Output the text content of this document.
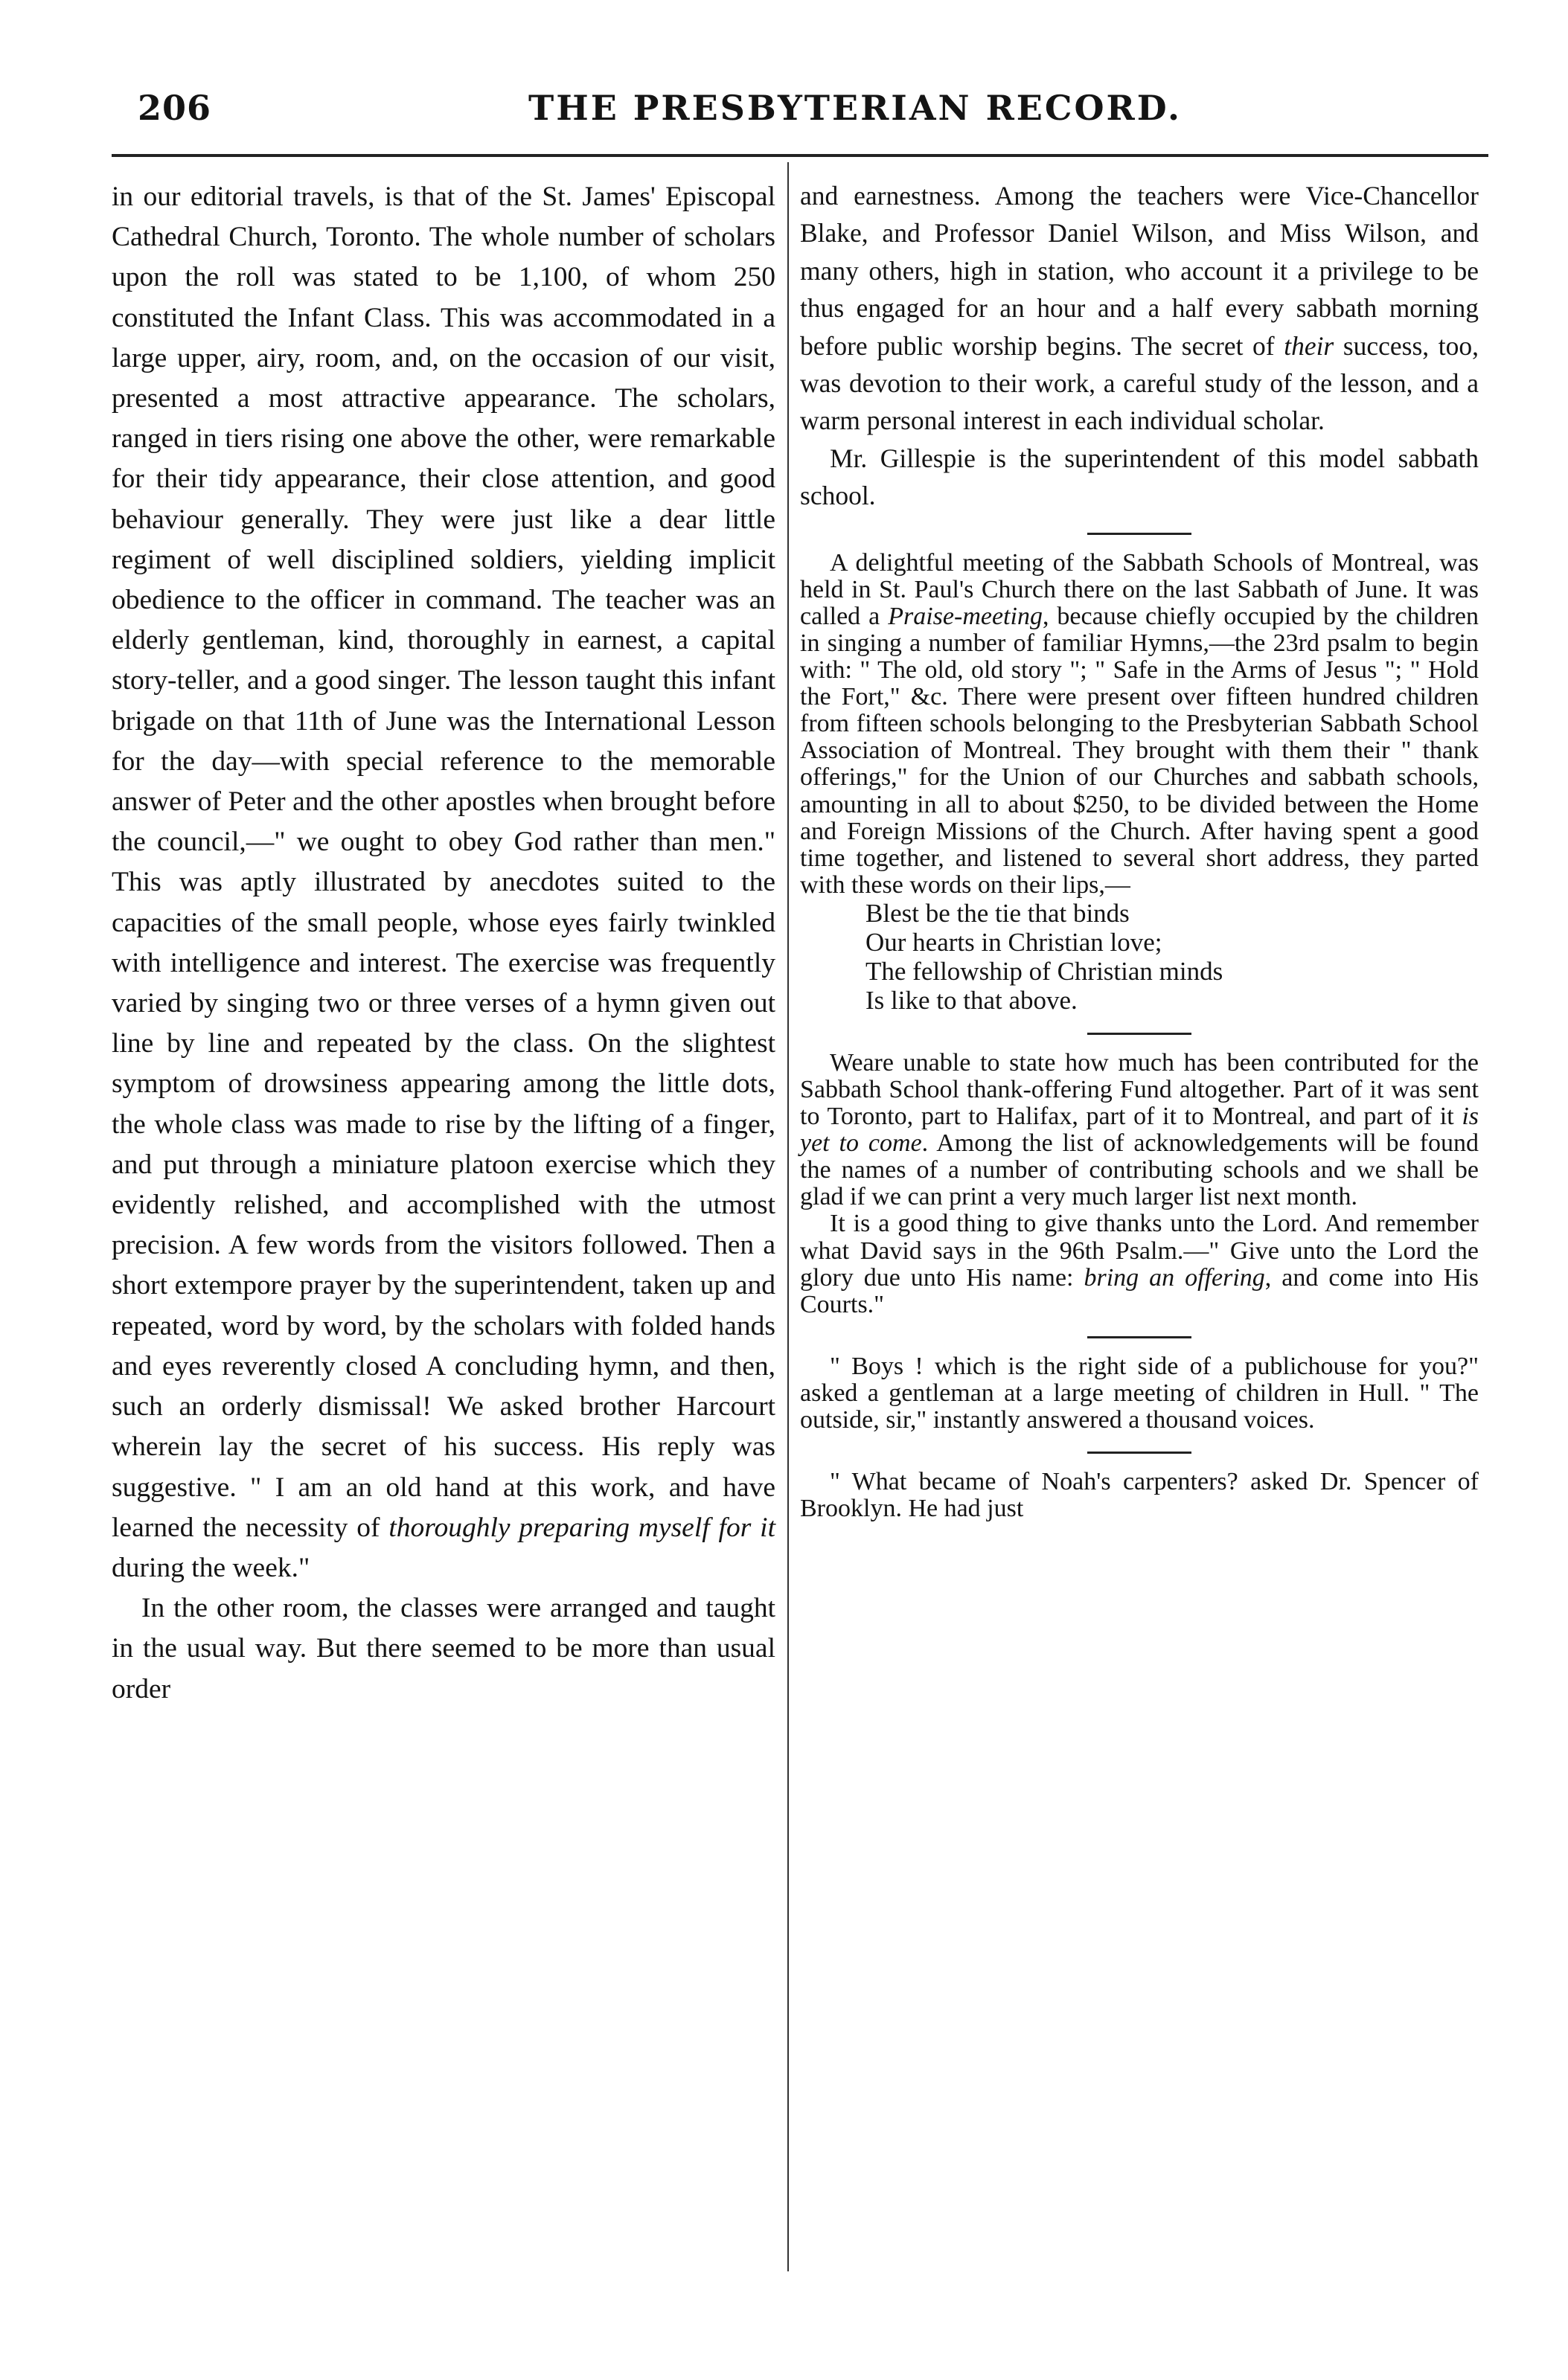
206	THE PRESBYTERIAN RECORD.

in our editorial travels, is that of the St. James' Episcopal Cathedral Church, Toronto. The whole number of scholars upon the roll was stated to be 1,100, of whom 250 constituted the Infant Class. This was accommodated in a large upper, airy, room, and, on the occasion of our visit, presented a most attractive appearance. The scholars, ranged in tiers rising one above the other, were remarkable for their tidy appearance, their close attention, and good behaviour generally. They were just like a dear little regiment of well disciplined soldiers, yielding implicit obedience to the officer in command. The teacher was an elderly gentleman, kind, thoroughly in earnest, a capital story-teller, and a good singer. The lesson taught this infant brigade on that 11th of June was the International Lesson for the day—with special reference to the memorable answer of Peter and the other apostles when brought before the council,—" we ought to obey God rather than men." This was aptly illustrated by anecdotes suited to the capacities of the small people, whose eyes fairly twinkled with intelligence and interest. The exercise was frequently varied by singing two or three verses of a hymn given out line by line and repeated by the class. On the slightest symptom of drowsiness appearing among the little dots, the whole class was made to rise by the lifting of a finger, and put through a miniature platoon exercise which they evidently relished, and accomplished with the utmost precision. A few words from the visitors followed. Then a short extempore prayer by the superintendent, taken up and repeated, word by word, by the scholars with folded hands and eyes reverently closed A concluding hymn, and then, such an orderly dismissal! We asked brother Harcourt wherein lay the secret of his success. His reply was suggestive. " I am an old hand at this work, and have learned the necessity of thoroughly preparing myself for it during the week."

In the other room, the classes were arranged and taught in the usual way. But there seemed to be more than usual order

and earnestness. Among the teachers were Vice-Chancellor Blake, and Professor Daniel Wilson, and Miss Wilson, and many others, high in station, who account it a privilege to be thus engaged for an hour and a half every sabbath morning before public worship begins. The secret of their success, too, was devotion to their work, a careful study of the lesson, and a warm personal interest in each individual scholar.

Mr. Gillespie is the superintendent of this model sabbath school.

A delightful meeting of the Sabbath Schools of Montreal, was held in St. Paul's Church there on the last Sabbath of June. It was called a Praise-meeting, because chiefly occupied by the children in singing a number of familiar Hymns,—the 23rd psalm to begin with: " The old, old story "; " Safe in the Arms of Jesus "; " Hold the Fort," &c. There were present over fifteen hundred children from fifteen schools belonging to the Presbyterian Sabbath School Association of Montreal. They brought with them their " thank offerings," for the Union of our Churches and sabbath schools, amounting in all to about $250, to be divided between the Home and Foreign Missions of the Church. After having spent a good time together, and listened to several short address, they parted with these words on their lips,—

Blest be the tie that binds
Our hearts in Christian love;
The fellowship of Christian minds
Is like to that above.

Weare unable to state how much has been contributed for the Sabbath School thank-offering Fund altogether. Part of it was sent to Toronto, part to Halifax, part of it to Montreal, and part of it is yet to come. Among the list of acknowledgements will be found the names of a number of contributing schools and we shall be glad if we can print a very much larger list next month.

It is a good thing to give thanks unto the Lord. And remember what David says in the 96th Psalm.—" Give unto the Lord the glory due unto His name: bring an offering, and come into His Courts."

" Boys ! which is the right side of a publichouse for you?" asked a gentleman at a large meeting of children in Hull. " The outside, sir," instantly answered a thousand voices.

" What became of Noah's carpenters? asked Dr. Spencer of Brooklyn. He had just
